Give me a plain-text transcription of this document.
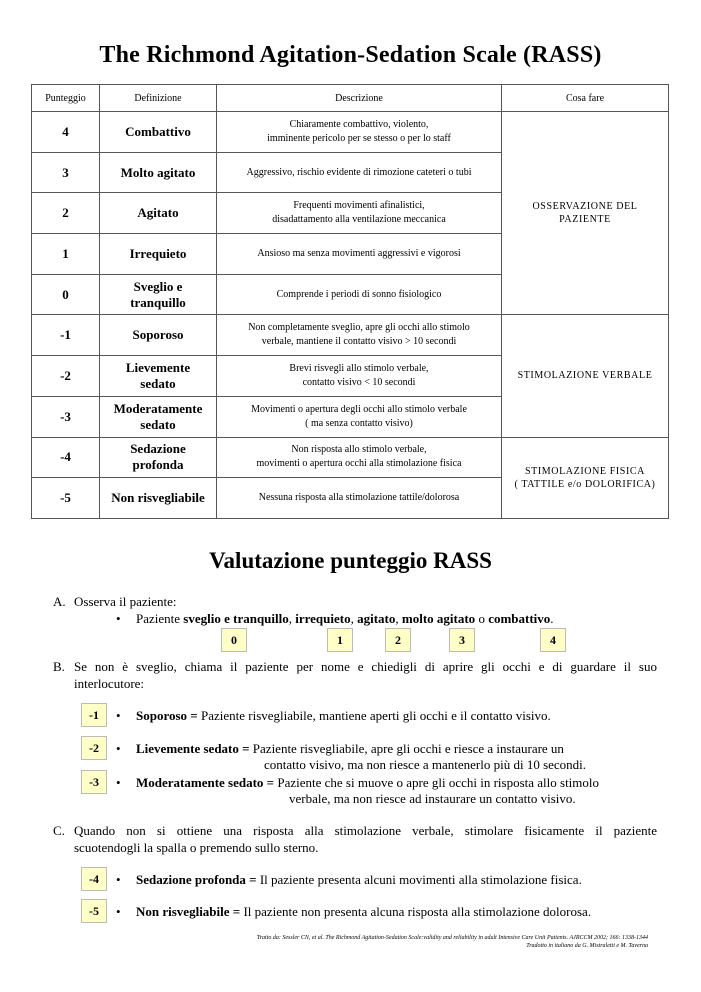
The Richmond Agitation-Sedation Scale (RASS)
Punteggio	Definizione	Descrizione	Cosa fare
4	Combattivo	Chiaramente combattivo, violento,
imminente pericolo per se stesso o per lo staff	OSSERVAZIONE DEL
PAZIENTE
3	Molto agitato	Aggressivo, rischio evidente di rimozione cateteri o tubi	
2	Agitato	Frequenti movimenti afinalistici,
disadattamento alla ventilazione meccanica	
1	Irrequieto	Ansioso ma senza movimenti aggressivi e vigorosi	
0	Sveglio e
tranquillo	Comprende i periodi di sonno fisiologico	
-1	Soporoso	Non completamente sveglio, apre gli occhi allo stimolo
verbale, mantiene il contatto visivo > 10 secondi	STIMOLAZIONE VERBALE
-2	Lievemente
sedato	Brevi risvegli allo stimolo verbale,
contatto visivo < 10 secondi	
-3	Moderatamente
sedato	Movimenti o apertura degli occhi allo stimolo verbale
( ma senza contatto visivo)	
-4	Sedazione
profonda	Non risposta allo stimolo verbale,
movimenti o apertura occhi alla stimolazione fisica	STIMOLAZIONE FISICA
( TATTILE e/o DOLORIFICA)
-5	Non risvegliabile	Nessuna risposta alla stimolazione tattile/dolorosa	
Valutazione punteggio RASS
A. Osserva il paziente:
• Paziente sveglio e tranquillo, irrequieto, agitato, molto agitato o combattivo.
0	1	2	3	4
B. Se non è sveglio, chiama il paziente per nome e chiedigli di aprire gli occhi e di guardare il suo
interlocutore:
-1	• Soporoso = Paziente risvegliabile, mantiene aperti gli occhi e il contatto visivo.
-2	• Lievemente sedato = Paziente risvegliabile, apre gli occhi e riesce a instaurare un
contatto visivo, ma non riesce a mantenerlo più di 10 secondi.
-3	• Moderatamente sedato = Paziente che si muove o apre gli occhi in risposta allo stimolo
verbale, ma non riesce ad instaurare un contatto visivo.
C. Quando non si ottiene una risposta alla stimolazione verbale, stimolare fisicamente il paziente
scuotendogli la spalla o premendo sullo sterno.
-4	• Sedazione profonda = Il paziente presenta alcuni movimenti alla stimolazione fisica.
-5	• Non risvegliabile = Il paziente non presenta alcuna risposta alla stimolazione dolorosa.
Tratto da: Sessler CN, et al. The Richmond Agitation-Sedation Scale:validity and reliability in adult Intensive Care Unit Patients. AJRCCM 2002; 166: 1338-1344
Tradotto in italiano da G. Mistraletti e M. Taverna
